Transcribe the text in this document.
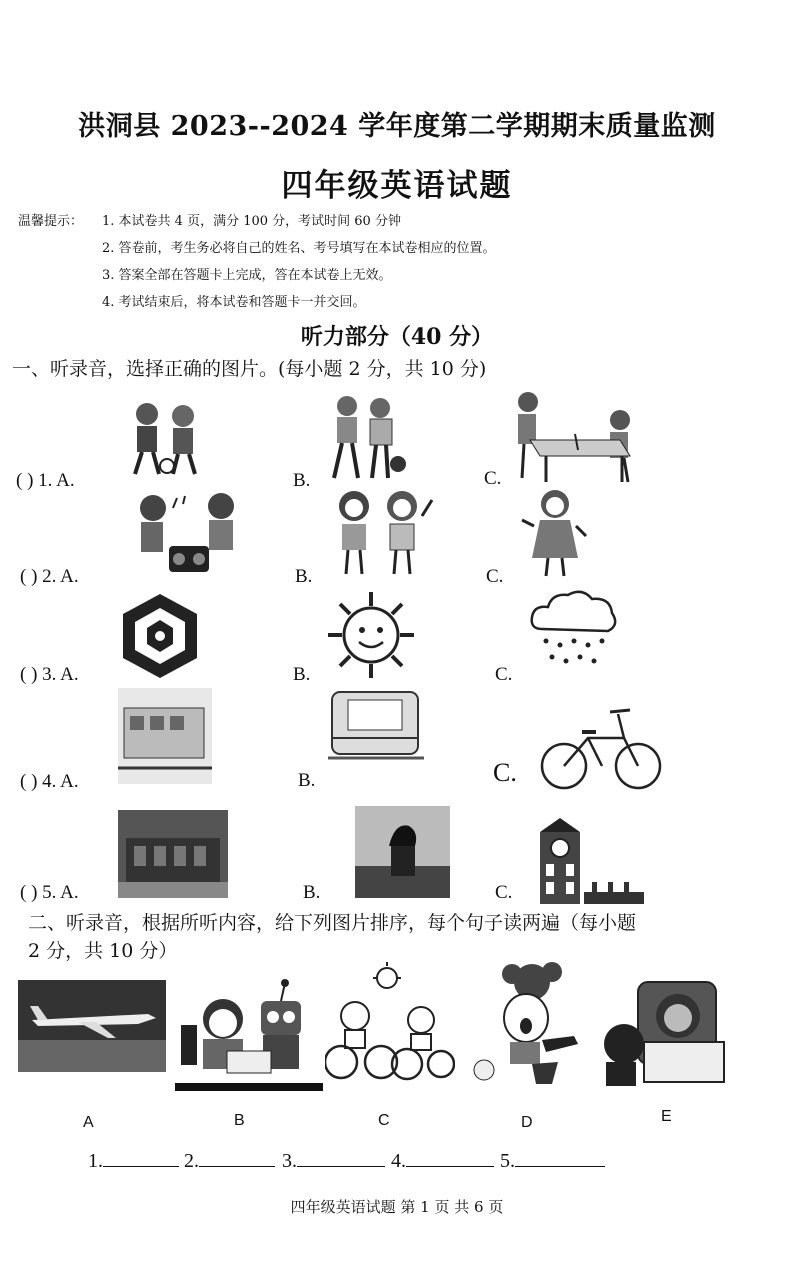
洪洞县 2023--2024 学年度第二学期期末质量监测
四年级英语试题
温馨提示： 1. 本试卷共 4 页，满分 100 分，考试时间 60 分钟
2. 答卷前，考生务必将自己的姓名、考号填写在本试卷相应的位置。
3. 答案全部在答题卡上完成，答在本试卷上无效。
4. 考试结束后，将本试卷和答题卡一并交回。
听力部分（40 分）
一、听录音，选择正确的图片。(每小题 2 分，共 10 分)
( ) 1. A.	B.	C.
( ) 2. A.	B.	C.
( ) 3. A.	B.	C.
( ) 4. A.	B.	C.
( ) 5. A.	B.	C.
二、听录音，根据所听内容，给下列图片排序，每个句子读两遍（每小题
2 分，共 10 分）
A	B	C	D	E
1.	2.	3.	4.	5.
四年级英语试题 第 1 页 共 6 页
